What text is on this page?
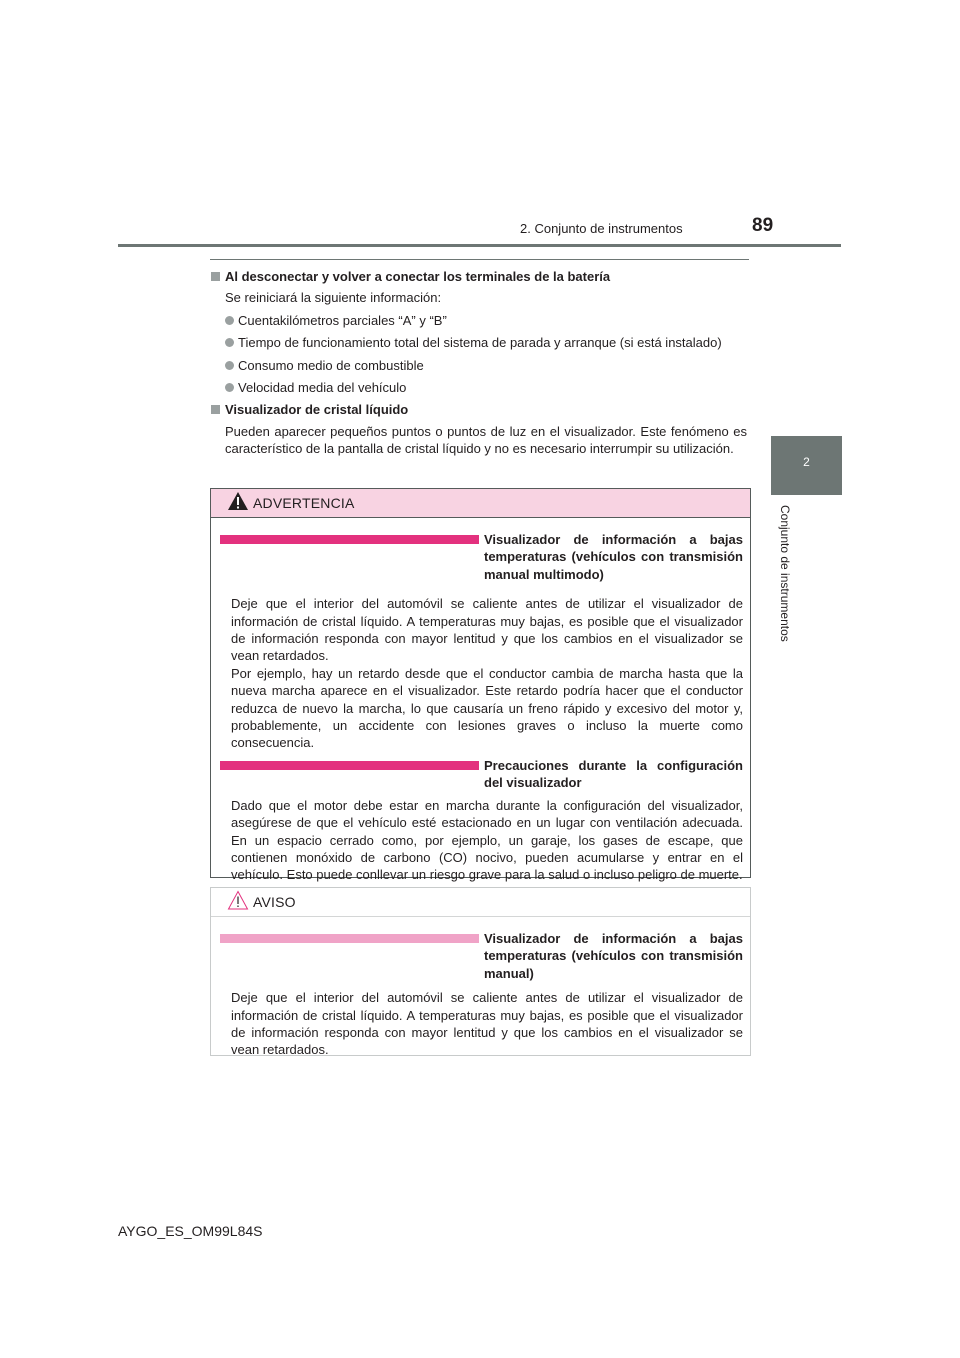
2. Conjunto de instrumentos	89
2
Conjunto de instrumentos
Al desconectar y volver a conectar los terminales de la batería

Se reiniciará la siguiente información:

Cuentakilómetros parciales “A” y “B”
Tiempo de funcionamiento total del sistema de parada y arranque (si está instalado)
Consumo medio de combustible
Velocidad media del vehículo
Visualizador de cristal líquido

Pueden aparecer pequeños puntos o puntos de luz en el visualizador. Este fenómeno es característico de la pantalla de cristal líquido y no es necesario interrumpir su utilización.

ADVERTENCIA
Visualizador de información a bajas temperaturas (vehículos con transmisión manual multimodo)

Deje que el interior del automóvil se caliente antes de utilizar el visualizador de información de cristal líquido. A temperaturas muy bajas, es posible que el visualizador de información responda con mayor lentitud y que los cambios en el visualizador se vean retardados.

Por ejemplo, hay un retardo desde que el conductor cambia de marcha hasta que la nueva marcha aparece en el visualizador. Este retardo podría hacer que el conductor reduzca de nuevo la marcha, lo que causaría un freno rápido y excesivo del motor y, probablemente, un accidente con lesiones graves o incluso la muerte como consecuencia.

Precauciones durante la configuración del visualizador

Dado que el motor debe estar en marcha durante la configuración del visualizador, asegúrese de que el vehículo esté estacionado en un lugar con ventilación adecuada. En un espacio cerrado como, por ejemplo, un garaje, los gases de escape, que contienen monóxido de carbono (CO) nocivo, pueden acumularse y entrar en el vehículo. Esto puede conllevar un riesgo grave para la salud o incluso peligro de muerte.

AVISO
Visualizador de información a bajas temperaturas (vehículos con transmisión manual)

Deje que el interior del automóvil se caliente antes de utilizar el visualizador de información de cristal líquido. A temperaturas muy bajas, es posible que el visualizador de información responda con mayor lentitud y que los cambios en el visualizador se vean retardados.

AYGO_ES_OM99L84S
